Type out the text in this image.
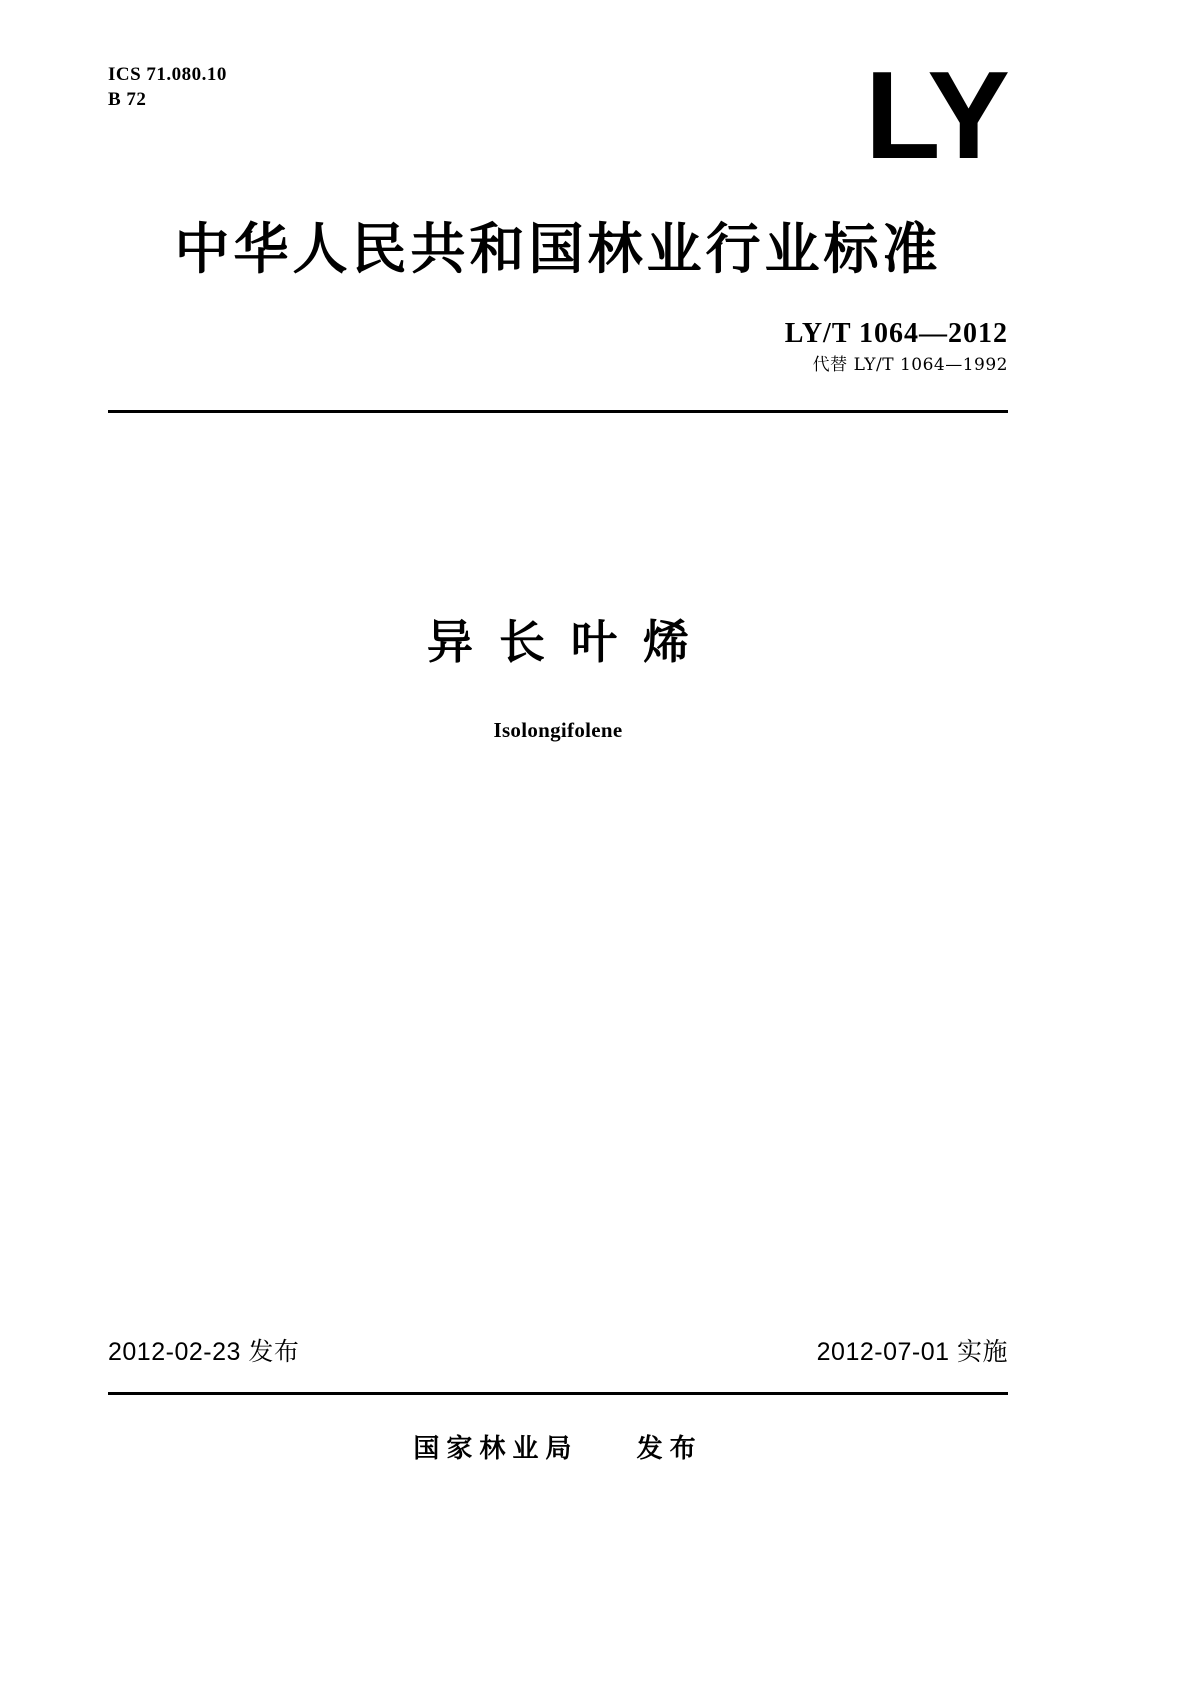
ICS 71.080.10
B 72	LY
中华人民共和国林业行业标准
LY/T 1064—2012
代替 LY/T 1064—1992
异长叶烯
Isolongifolene
2012-02-23 发布	2012-07-01 实施
国家林业局 发布
